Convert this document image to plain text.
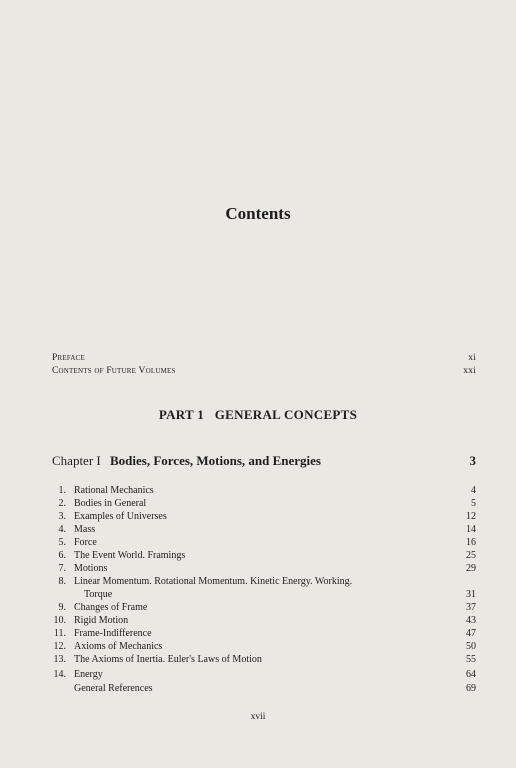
Contents
Preface	xi
Contents of Future Volumes	xxi
PART 1   GENERAL CONCEPTS
Chapter I Bodies, Forces, Motions, and Energies	3
1. Rational Mechanics	4
2. Bodies in General	5
3. Examples of Universes	12
4. Mass	14
5. Force	16
6. The Event World. Framings	25
7. Motions	29
8. Linear Momentum. Rotational Momentum. Kinetic Energy. Working.
Torque	31
9. Changes of Frame	37
10. Rigid Motion	43
11. Frame-Indifference	47
12. Axioms of Mechanics	50
13. The Axioms of Inertia. Euler's Laws of Motion	55
14. Energy	64
General References	69
xvii
